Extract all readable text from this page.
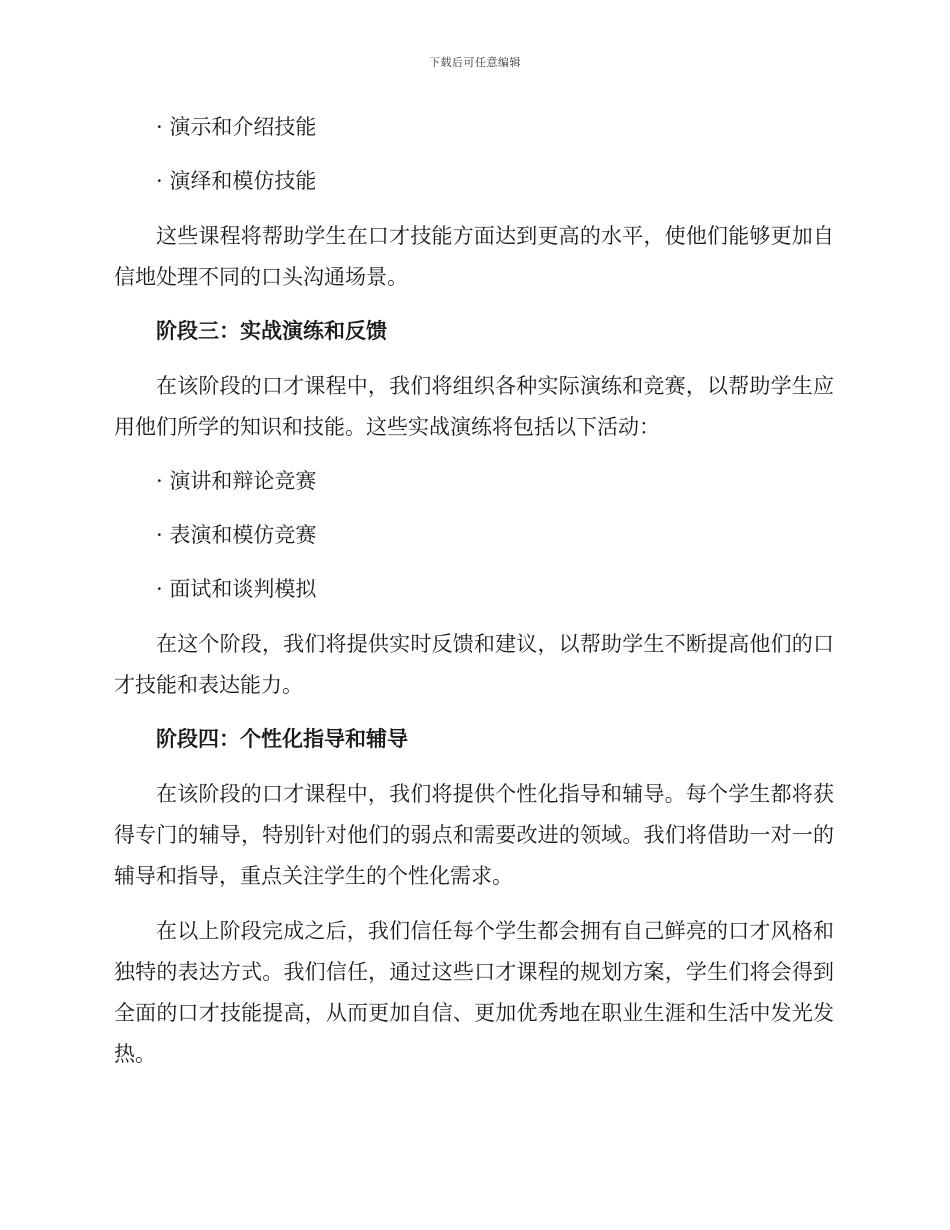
下载后可任意编辑
· 演示和介绍技能
· 演绎和模仿技能
这些课程将帮助学生在口才技能方面达到更高的水平，使他们能够更加自信地处理不同的口头沟通场景。
阶段三：实战演练和反馈
在该阶段的口才课程中，我们将组织各种实际演练和竞赛，以帮助学生应用他们所学的知识和技能。这些实战演练将包括以下活动：
· 演讲和辩论竞赛
· 表演和模仿竞赛
· 面试和谈判模拟
在这个阶段，我们将提供实时反馈和建议，以帮助学生不断提高他们的口才技能和表达能力。
阶段四：个性化指导和辅导
在该阶段的口才课程中，我们将提供个性化指导和辅导。每个学生都将获得专门的辅导，特别针对他们的弱点和需要改进的领域。我们将借助一对一的辅导和指导，重点关注学生的个性化需求。
在以上阶段完成之后，我们信任每个学生都会拥有自己鲜亮的口才风格和独特的表达方式。我们信任，通过这些口才课程的规划方案，学生们将会得到全面的口才技能提高，从而更加自信、更加优秀地在职业生涯和生活中发光发热。
